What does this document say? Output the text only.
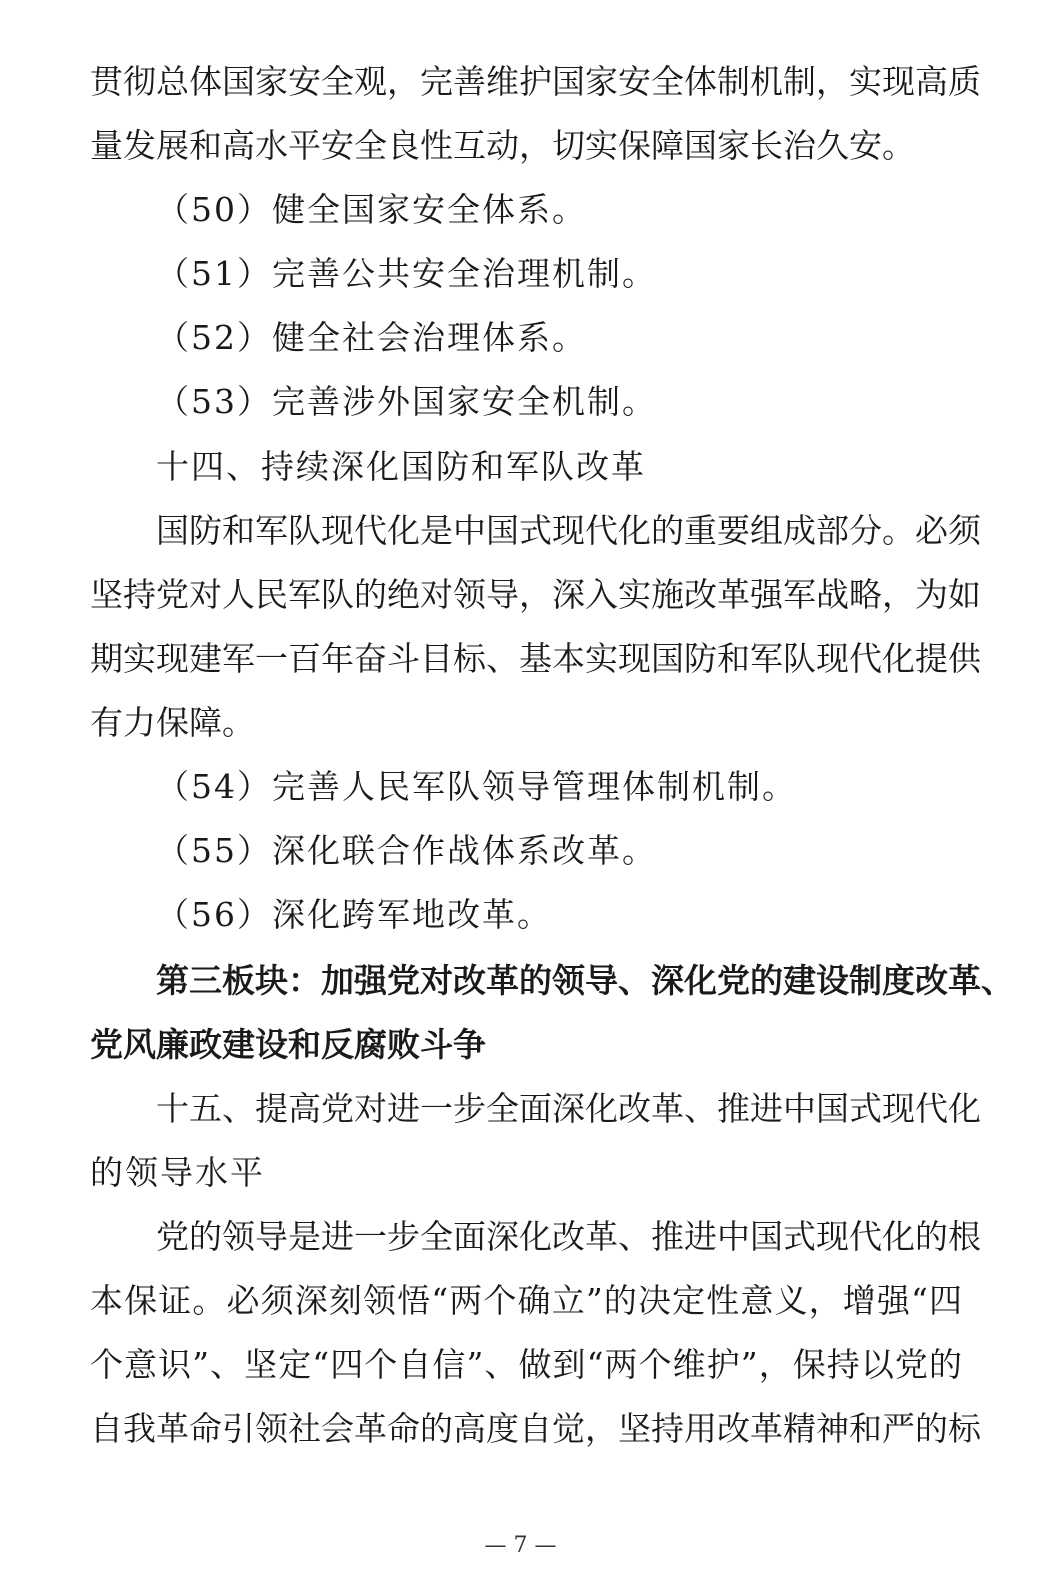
贯彻总体国家安全观，完善维护国家安全体制机制，实现高质
量发展和高水平安全良性互动，切实保障国家长治久安。
（50）健全国家安全体系。
（51）完善公共安全治理机制。
（52）健全社会治理体系。
（53）完善涉外国家安全机制。
十四、持续深化国防和军队改革
国防和军队现代化是中国式现代化的重要组成部分。必须
坚持党对人民军队的绝对领导，深入实施改革强军战略，为如
期实现建军一百年奋斗目标、基本实现国防和军队现代化提供
有力保障。
（54）完善人民军队领导管理体制机制。
（55）深化联合作战体系改革。
（56）深化跨军地改革。
第三板块：加强党对改革的领导、深化党的建设制度改革、
党风廉政建设和反腐败斗争
十五、提高党对进一步全面深化改革、推进中国式现代化
的领导水平
党的领导是进一步全面深化改革、推进中国式现代化的根
本保证。必须深刻领悟“两个确立”的决定性意义，增强“四
个意识”、坚定“四个自信”、做到“两个维护”，保持以党的
自我革命引领社会革命的高度自觉，坚持用改革精神和严的标
— 7 —
